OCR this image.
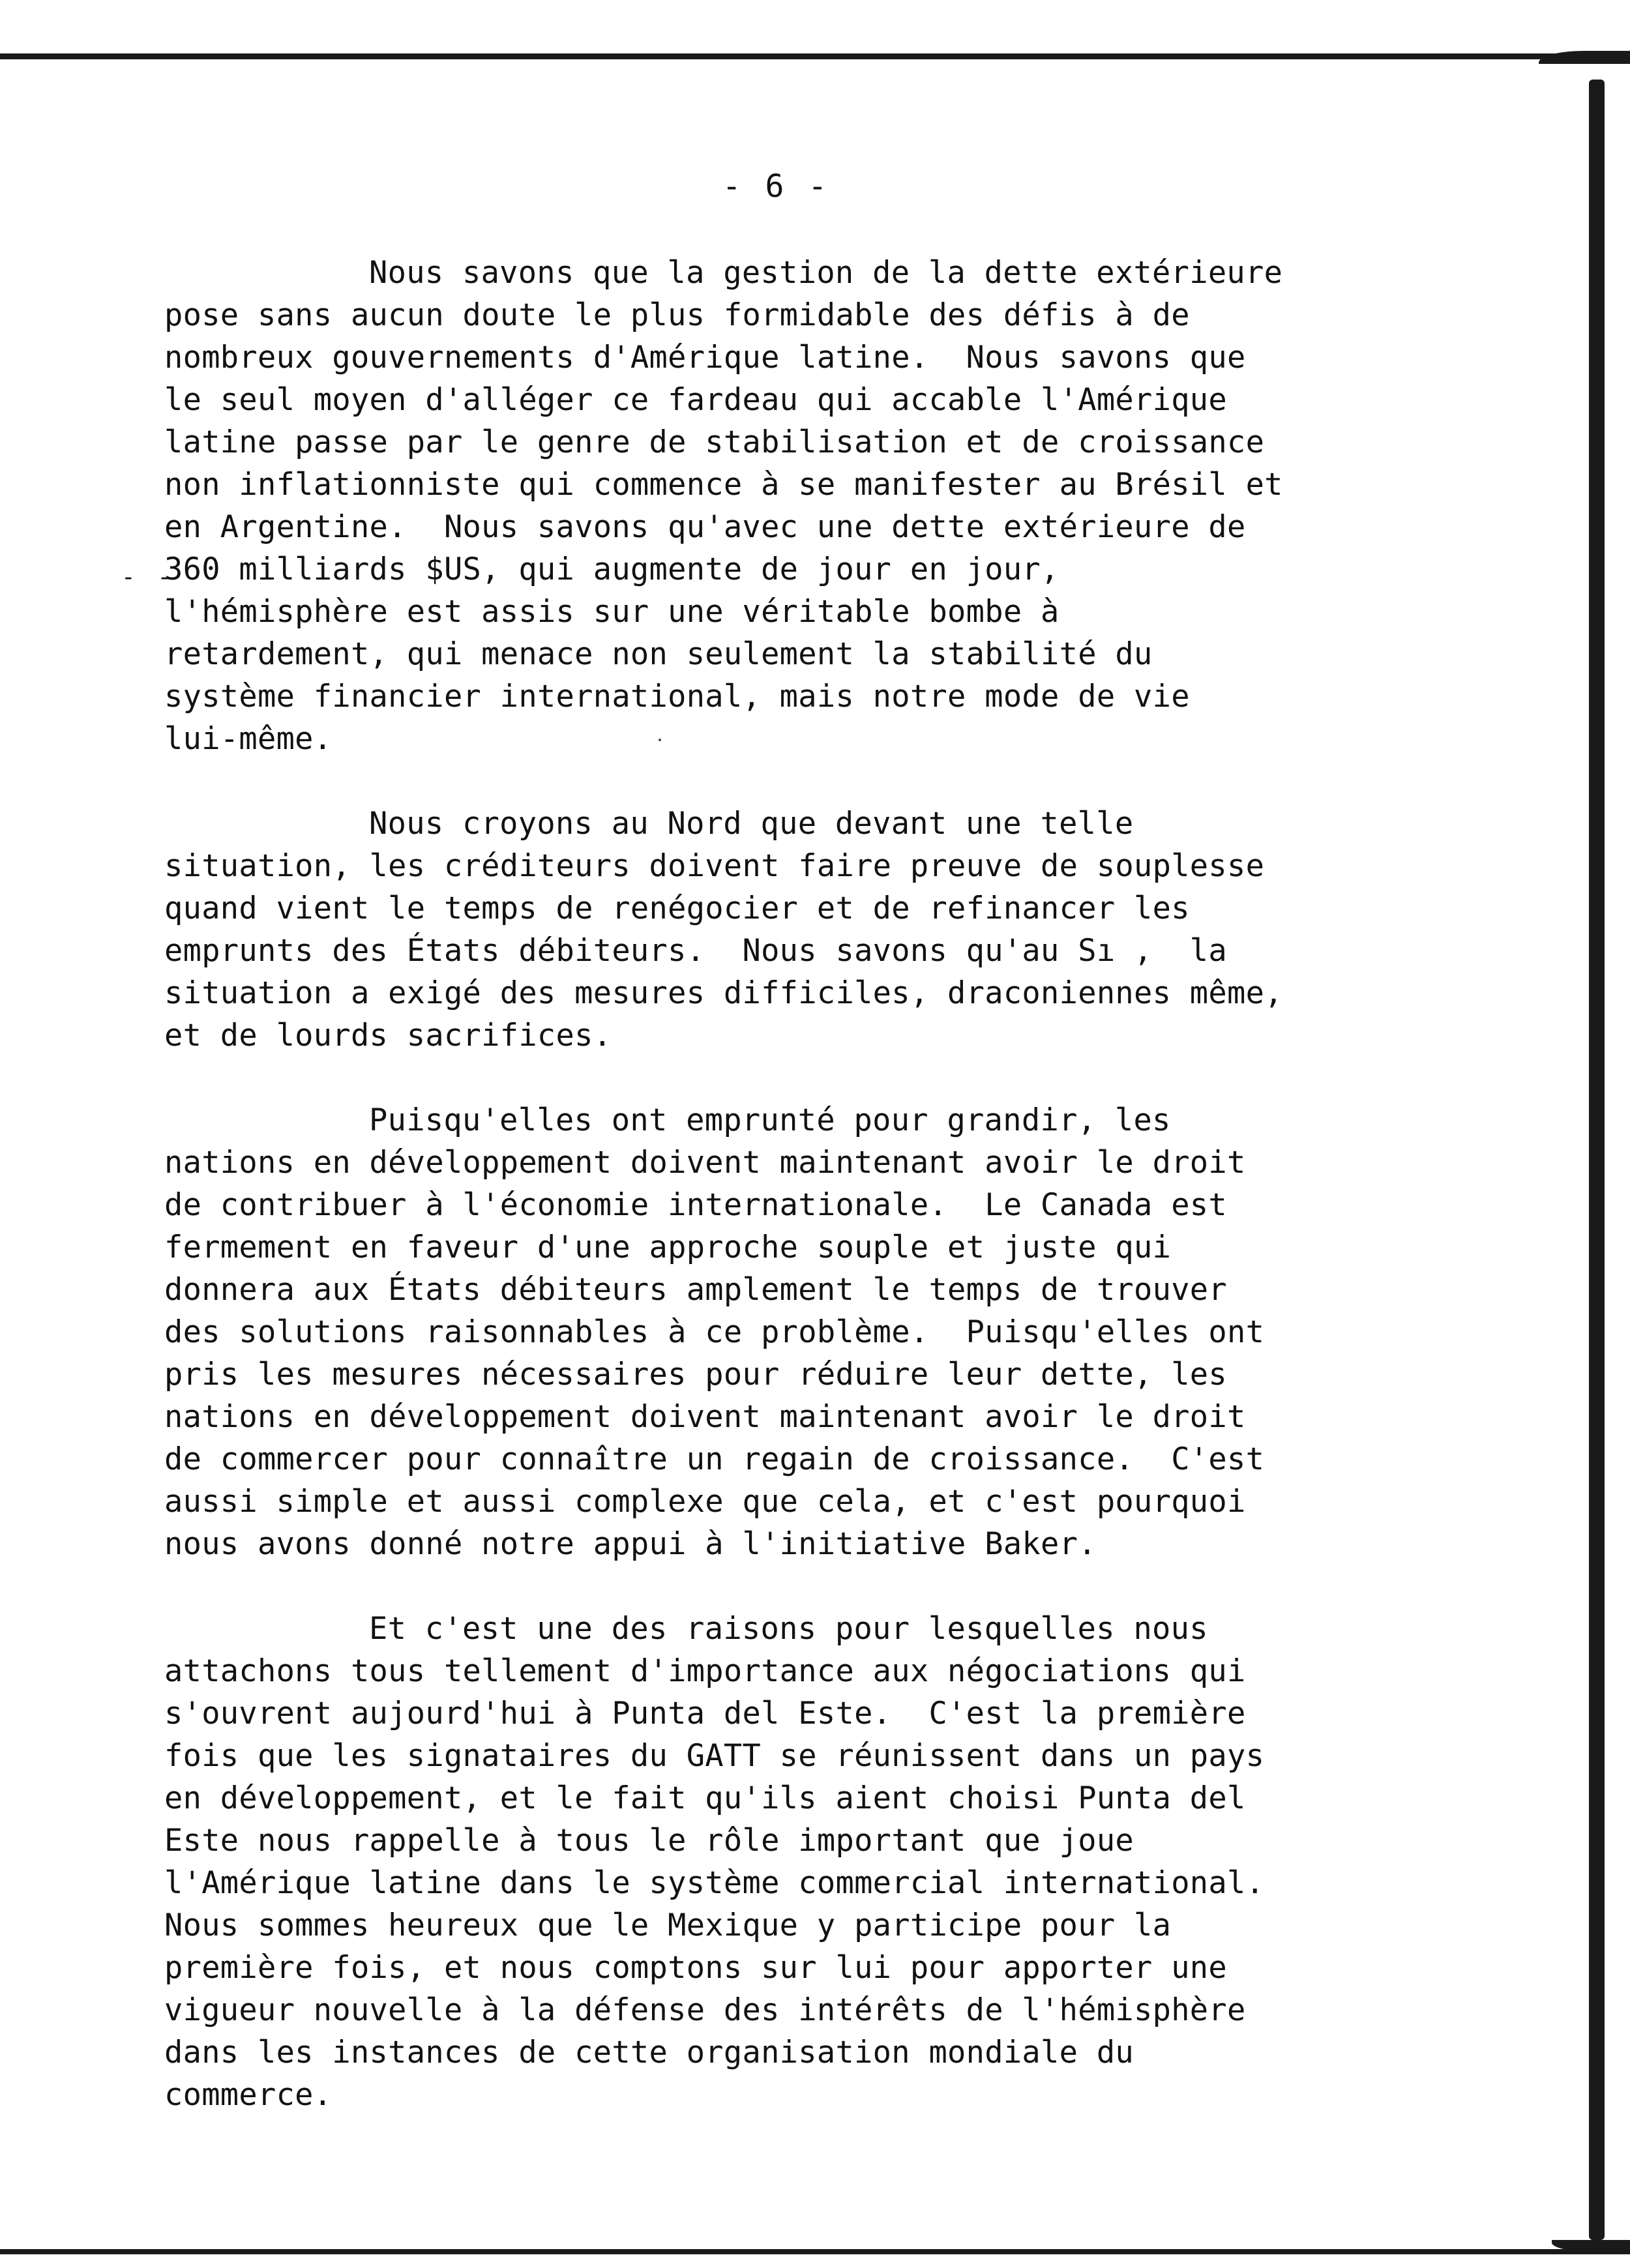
- 6 -
- -
Nous savons que la gestion de la dette extérieure
pose sans aucun doute le plus formidable des défis à de
nombreux gouvernements d'Amérique latine.  Nous savons que
le seul moyen d'alléger ce fardeau qui accable l'Amérique
latine passe par le genre de stabilisation et de croissance
non inflationniste qui commence à se manifester au Brésil et
en Argentine.  Nous savons qu'avec une dette extérieure de
360 milliards $US, qui augmente de jour en jour,
l'hémisphère est assis sur une véritable bombe à
retardement, qui menace non seulement la stabilité du
système financier international, mais notre mode de vie
lui-même.
Nous croyons au Nord que devant une telle
situation, les créditeurs doivent faire preuve de souplesse
quand vient le temps de renégocier et de refinancer les
emprunts des États débiteurs.  Nous savons qu'au Sı ,  la
situation a exigé des mesures difficiles, draconiennes même,
et de lourds sacrifices.
Puisqu'elles ont emprunté pour grandir, les
nations en développement doivent maintenant avoir le droit
de contribuer à l'économie internationale.  Le Canada est
fermement en faveur d'une approche souple et juste qui
donnera aux États débiteurs amplement le temps de trouver
des solutions raisonnables à ce problème.  Puisqu'elles ont
pris les mesures nécessaires pour réduire leur dette, les
nations en développement doivent maintenant avoir le droit
de commercer pour connaître un regain de croissance.  C'est
aussi simple et aussi complexe que cela, et c'est pourquoi
nous avons donné notre appui à l'initiative Baker.
Et c'est une des raisons pour lesquelles nous
attachons tous tellement d'importance aux négociations qui
s'ouvrent aujourd'hui à Punta del Este.  C'est la première
fois que les signataires du GATT se réunissent dans un pays
en développement, et le fait qu'ils aient choisi Punta del
Este nous rappelle à tous le rôle important que joue
l'Amérique latine dans le système commercial international.
Nous sommes heureux que le Mexique y participe pour la
première fois, et nous comptons sur lui pour apporter une
vigueur nouvelle à la défense des intérêts de l'hémisphère
dans les instances de cette organisation mondiale du
commerce.
